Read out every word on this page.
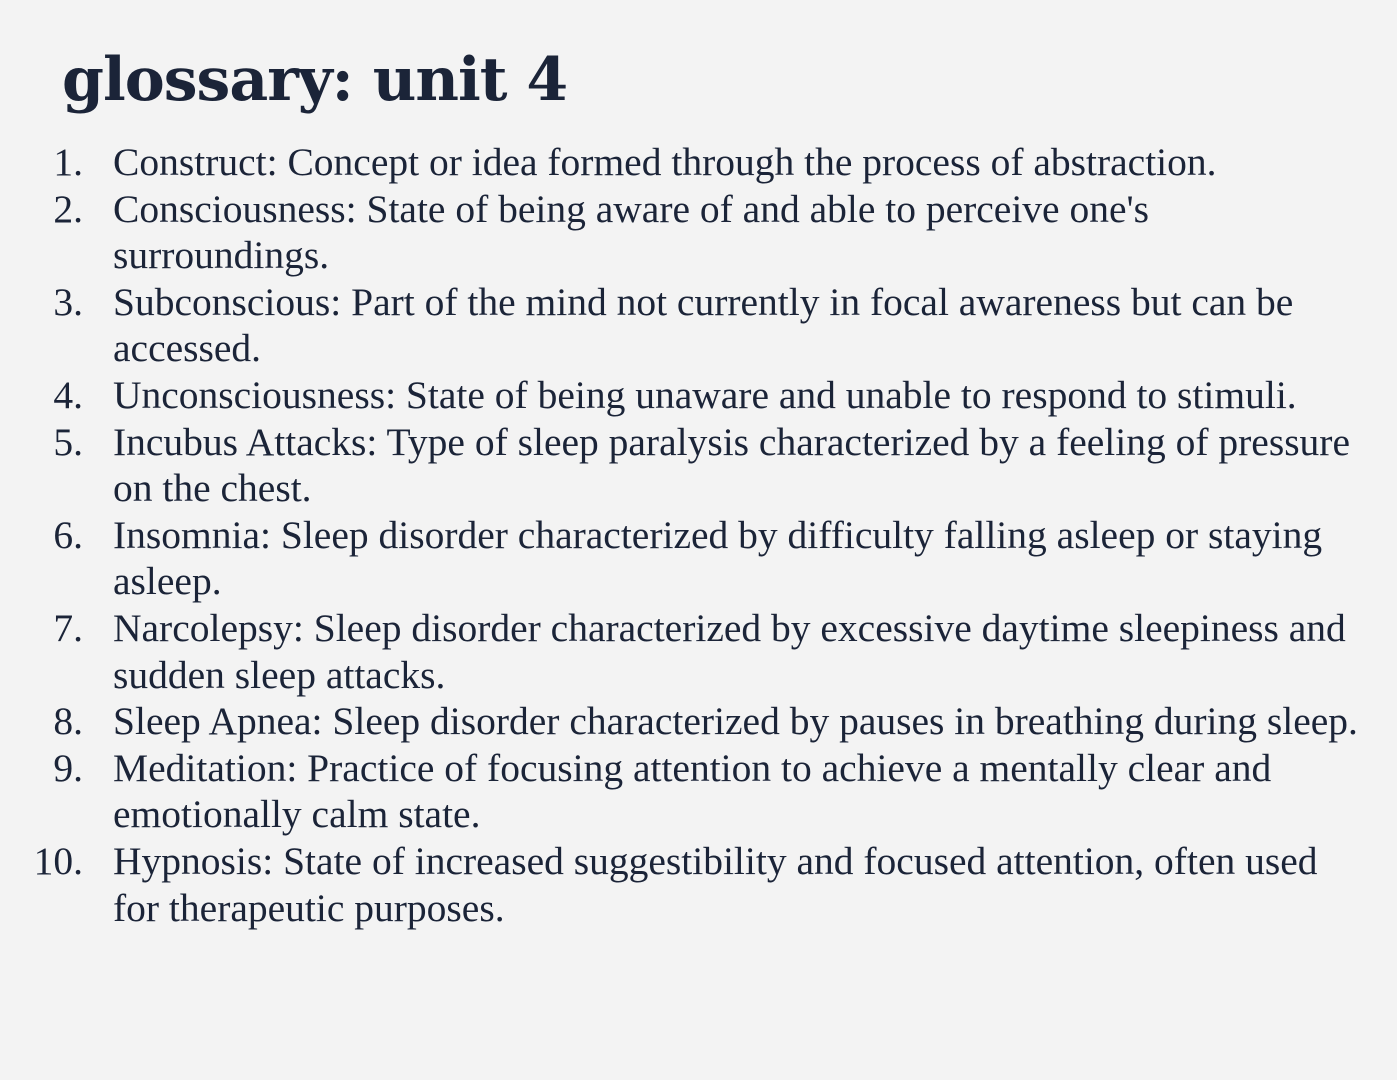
glossary: unit 4
1. Construct: Concept or idea formed through the process of abstraction.
2. Consciousness: State of being aware of and able to perceive one's surroundings.
3. Subconscious: Part of the mind not currently in focal awareness but can be accessed.
4. Unconsciousness: State of being unaware and unable to respond to stimuli.
5. Incubus Attacks: Type of sleep paralysis characterized by a feeling of pressure on the chest.
6. Insomnia: Sleep disorder characterized by difficulty falling asleep or staying asleep.
7. Narcolepsy: Sleep disorder characterized by excessive daytime sleepiness and sudden sleep attacks.
8. Sleep Apnea: Sleep disorder characterized by pauses in breathing during sleep.
9. Meditation: Practice of focusing attention to achieve a mentally clear and emotionally calm state.
10. Hypnosis: State of increased suggestibility and focused attention, often used for therapeutic purposes.
